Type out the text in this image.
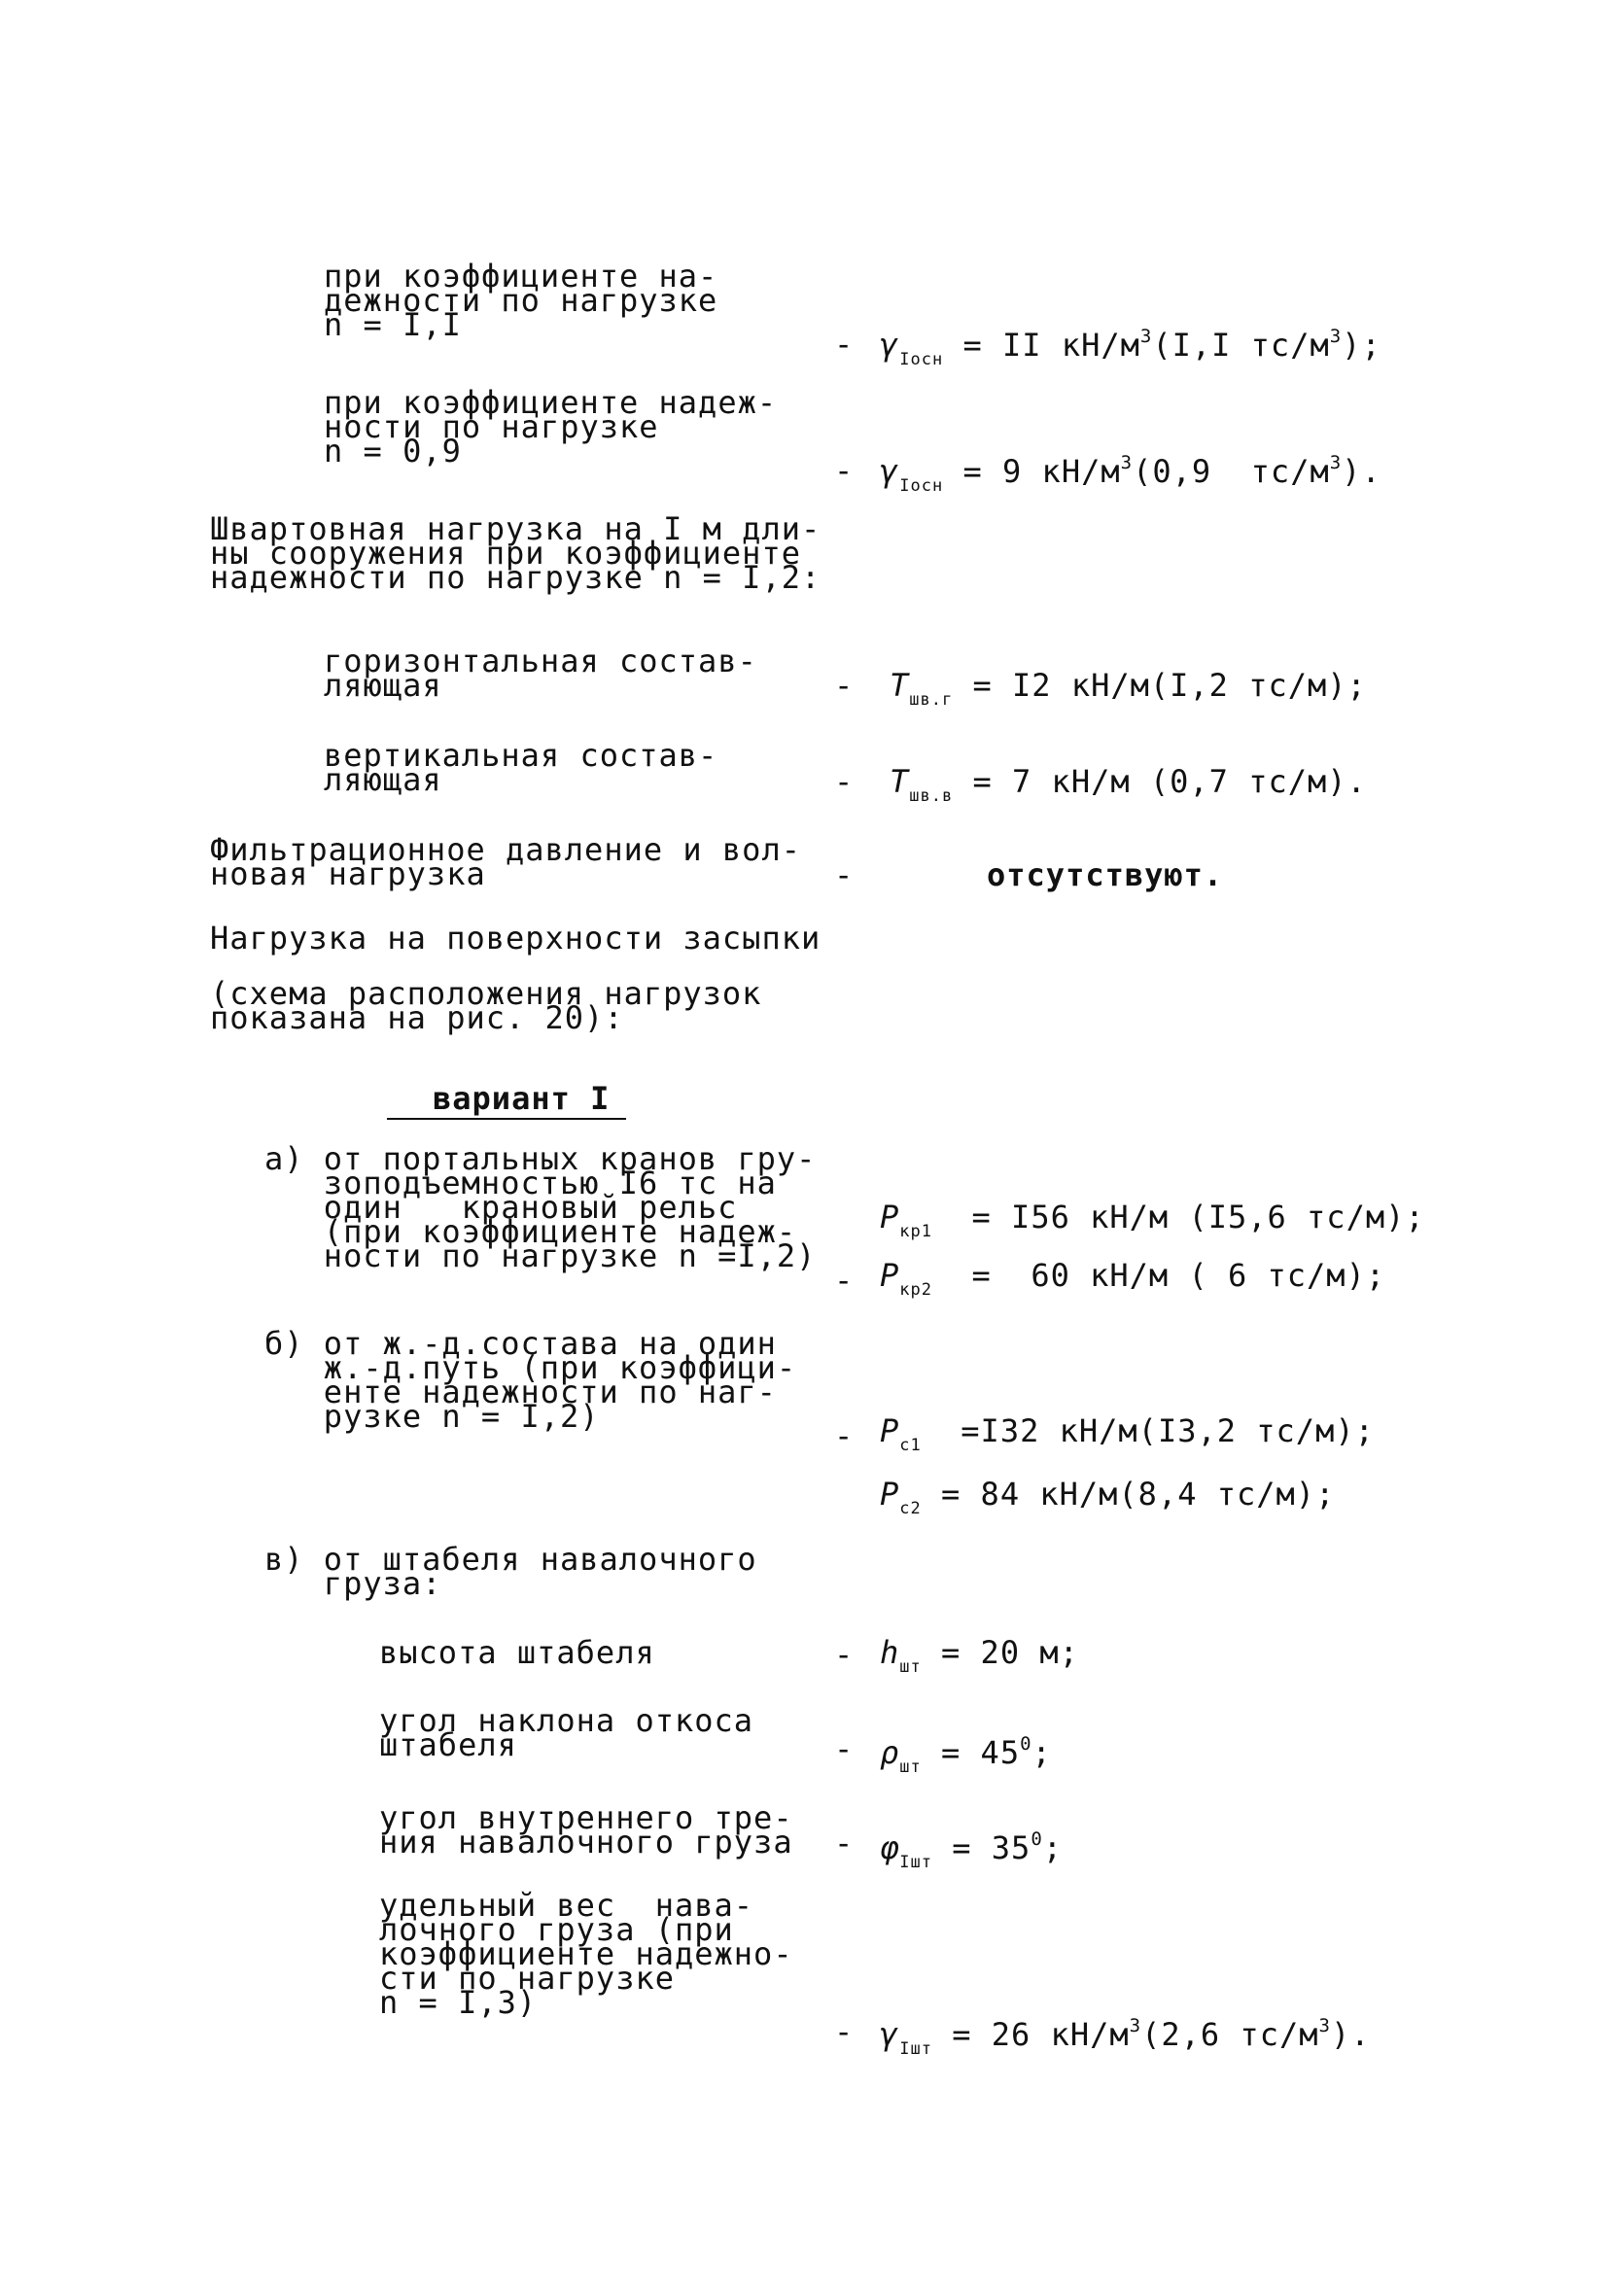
при коэффициенте на-
дежности по нагрузке
n = I,I
- $\gamma_{Iосн}$ = II $кН/м^3(I,I$ $тс/м^3$);
при коэффициенте надеж-
ности по нагрузке
n = 0,9
- $\gamma_{Iосн} = 9$ $кН/м^3(0,9$  $тс/м^3$).
Швартовная нагрузка на I м дли-
ны сооружения при коэффициенте
надежности по нагрузке n = I,2:
горизонтальная состав-
ляющая	- $T_{шв.г} = I2$ кН/м(I,2 тс/м);
вертикальная состав-
ляющая	- $T_{шв.в} = 7$ кН/м (0,7 тс/м).
Фильтрационное давление и вол-
новая нагрузка	-	отсутствуют.
Нагрузка на поверхности засыпки
(схема расположения нагрузок
показана на рис. 20):
вариант I
а) от портальных кранов гру-
зоподъемностью I6 тс на
один   крановый рельс
(при коэффициенте надеж-
ности по нагрузке n =I,2)
$P_{кр1} = I56$ кН/м (I5,6 тс/м);
- $P_{кр2} = 60$ кН/м ( 6 тс/м);
б) от ж.-д.состава на один
ж.-д.путь (при коэффици-
енте надежности по наг-
рузке n = I,2)
- $P_{c1} =I32$ кН/м(I3,2 тс/м);
$P_{c2} = 84$ кН/м(8,4 тс/м);
в) от штабеля навалочного
груза:
высота штабеля	- $h_{шт} = 20$ м;
угол наклона откоса
штабеля	- $\rho_{шт} = 45^0$;
угол внутреннего тре-
ния навалочного груза - $\varphi_{Iшт} = 35^0$;
удельный вес  нава-
лочного груза (при
коэффициенте надежно-
сти по нагрузке
n = I,3)
- $\gamma_{Iшт} = 26$ $кН/м^3(2,6$ $тс/м^3$).
